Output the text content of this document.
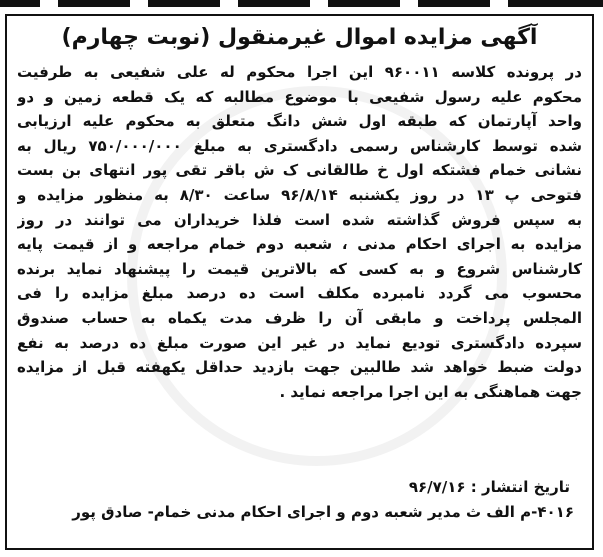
آگهی مزایده اموال غیرمنقول (نوبت چهارم)
در پرونده کلاسه ۹۶۰۰۱۱ این اجرا محکوم له علی شفیعی به طرفیت
محکوم علیه رسول شفیعی با موضوع مطالبه که یک قطعه زمین و دو
واحد آپارتمان که طبقه اول شش دانگ متعلق به محکوم علیه ارزیابی
شده توسط کارشناس رسمی دادگستری به مبلغ ۷۵۰/۰۰۰/۰۰۰ ریال به
نشانی خمام فشتکه اول خ طالقانی ک ش باقر تقی پور انتهای بن بست
فتوحی پ ۱۳ در روز یکشنبه ۹۶/۸/۱۴ ساعت ۸/۳۰ به منظور مزایده و
به سپس فروش گذاشته شده است فلذا خریداران می توانند در روز
مزایده به اجرای احکام مدنی ، شعبه دوم خمام مراجعه و از قیمت پایه
کارشناس شروع و به کسی که بالاترین قیمت را پیشنهاد نماید برنده
محسوب می گردد نامبرده مکلف است ده درصد مبلغ مزایده را فی
المجلس پرداخت و مابقی آن را ظرف مدت یکماه به حساب صندوق
سپرده دادگستری تودیع نماید در غیر این صورت مبلغ ده درصد به نفع
دولت ضبط خواهد شد طالبین جهت بازدید حداقل یکهفته قبل از مزایده
جهت هماهنگی به این اجرا مراجعه نماید .
تاریخ انتشار : ۹۶/۷/۱۶
۴۰۱۶-م الف ث مدیر شعبه دوم و اجرای احکام مدنی خمام- صادق پور
